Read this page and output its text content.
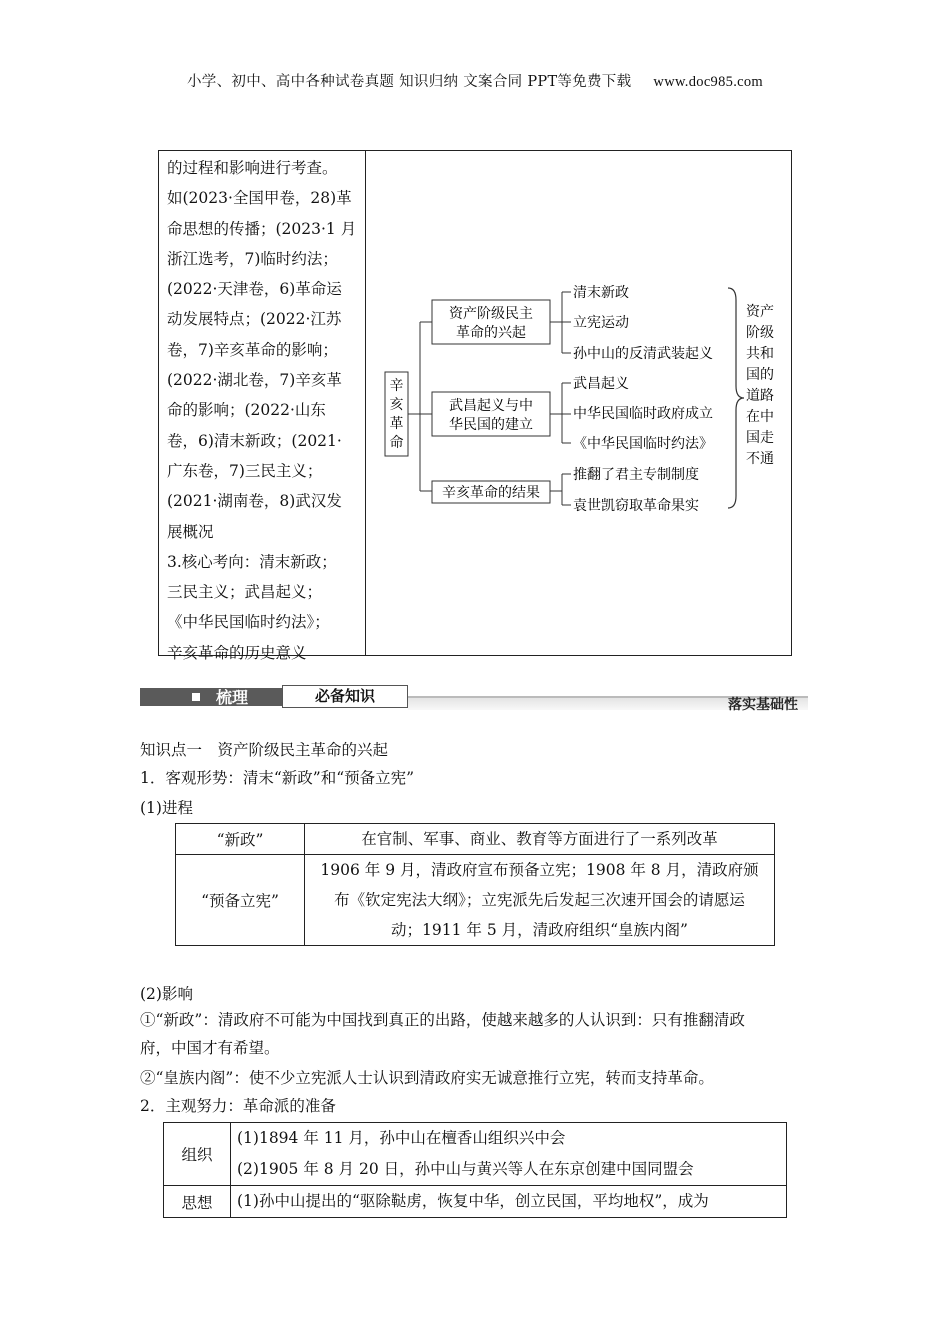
小学、初中、高中各种试卷真题 知识归纳 文案合同 PPT等免费下载 www.doc985.com
的过程和影响进行考查。
如(2023·全国甲卷，28)革
命思想的传播；(2023·1 月
浙江选考，7)临时约法；
(2022·天津卷，6)革命运
动发展特点；(2022·江苏
卷，7)辛亥革命的影响；
(2022·湖北卷，7)辛亥革
命的影响；(2022·山东
卷，6)清末新政；(2021·
广东卷，7)三民主义；
(2021·湖南卷，8)武汉发
展概况
3.核心考向：清末新政；
三民主义；武昌起义；
《中华民国临时约法》；
辛亥革命的历史意义
辛
亥
革
命
资产阶级民主
革命的兴起
清末新政
立宪运动
孙中山的反清武装起义
武昌起义与中
华民国的建立
武昌起义
中华民国临时政府成立
《中华民国临时约法》
辛亥革命的结果
推翻了君主专制制度
袁世凯窃取革命果实
资产
阶级
共和
国的
道路
在中
国走
不通
梳理	必备知识	落实基础性
知识点一　资产阶级民主革命的兴起
1．客观形势：清末“新政”和“预备立宪”
(1)进程
“新政”	在官制、军事、商业、教育等方面进行了一系列改革
“预备立宪”	1906 年 9 月，清政府宣布预备立宪；1908 年 8 月，清政府颁
布《钦定宪法大纲》；立宪派先后发起三次速开国会的请愿运
动；1911 年 5 月，清政府组织“皇族内阁”
(2)影响
①“新政”：清政府不可能为中国找到真正的出路，使越来越多的人认识到：只有推翻清政
府，中国才有希望。
②“皇族内阁”：使不少立宪派人士认识到清政府实无诚意推行立宪，转而支持革命。
2．主观努力：革命派的准备
组织	(1)1894 年 11 月，孙中山在檀香山组织兴中会
(2)1905 年 8 月 20 日，孙中山与黄兴等人在东京创建中国同盟会

思想	(1)孙中山提出的“驱除鞑虏，恢复中华，创立民国，平均地权”，成为
